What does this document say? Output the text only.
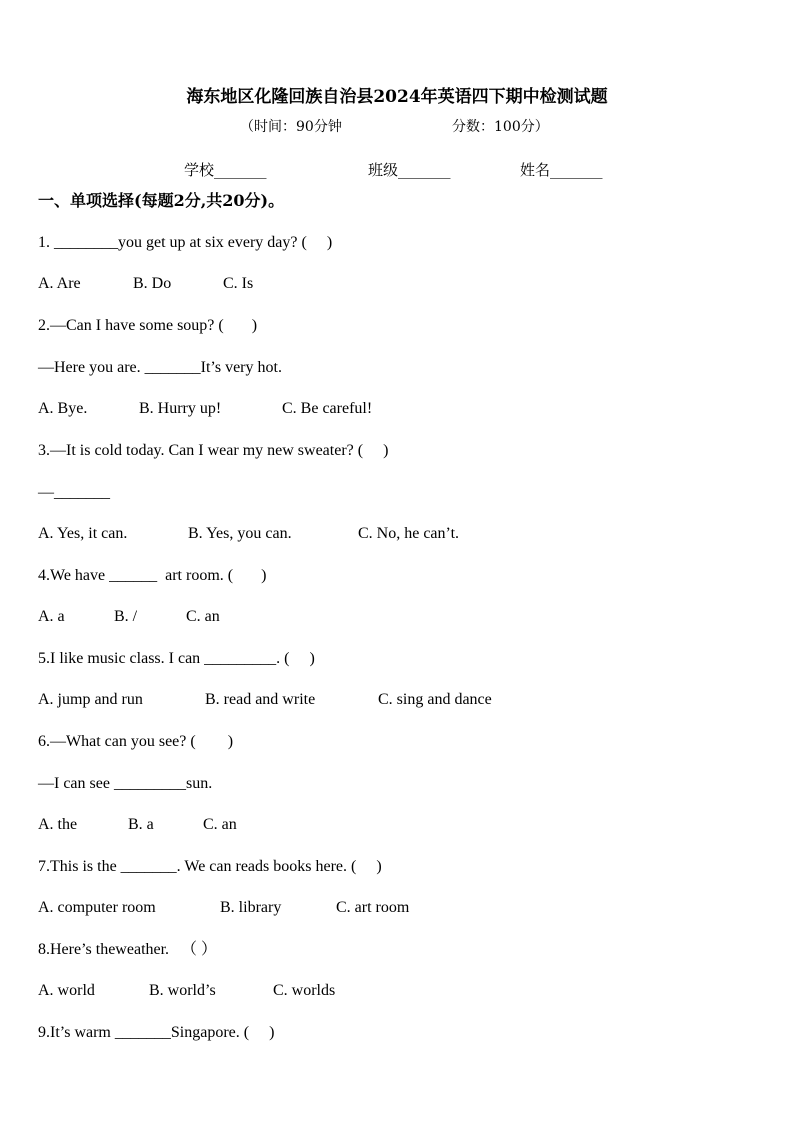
海东地区化隆回族自治县2024年英语四下期中检测试题
（时间：90分钟	分数：100分）
学校_______	班级_______	姓名_______
一、单项选择(每题2分,共20分)。
1. ________you get up at six every day? (     )
A. Are	B. Do	C. Is
2.—Can I have some soup? (       )
—Here you are. _______It’s very hot.
A. Bye.	B. Hurry up!	C. Be careful!
3.—It is cold today. Can I wear my new sweater? (     )
—_______
A. Yes, it can.	B. Yes, you can.	C. No, he can’t.
4.We have ______  art room. (       )
A. a	B. /	C. an
5.I like music class. I can _________. (     )
A. jump and run	B. read and write	C. sing and dance
6.—What can you see? (        )
—I can see _________sun.
A. the	B. a	C. an
7.This is the _______. We can reads books here. (     )
A. computer room	B. library	C. art room
8.Here’s theweather.   （ ）
A. world	B. world’s	C. worlds
9.It’s warm _______Singapore. (     )
